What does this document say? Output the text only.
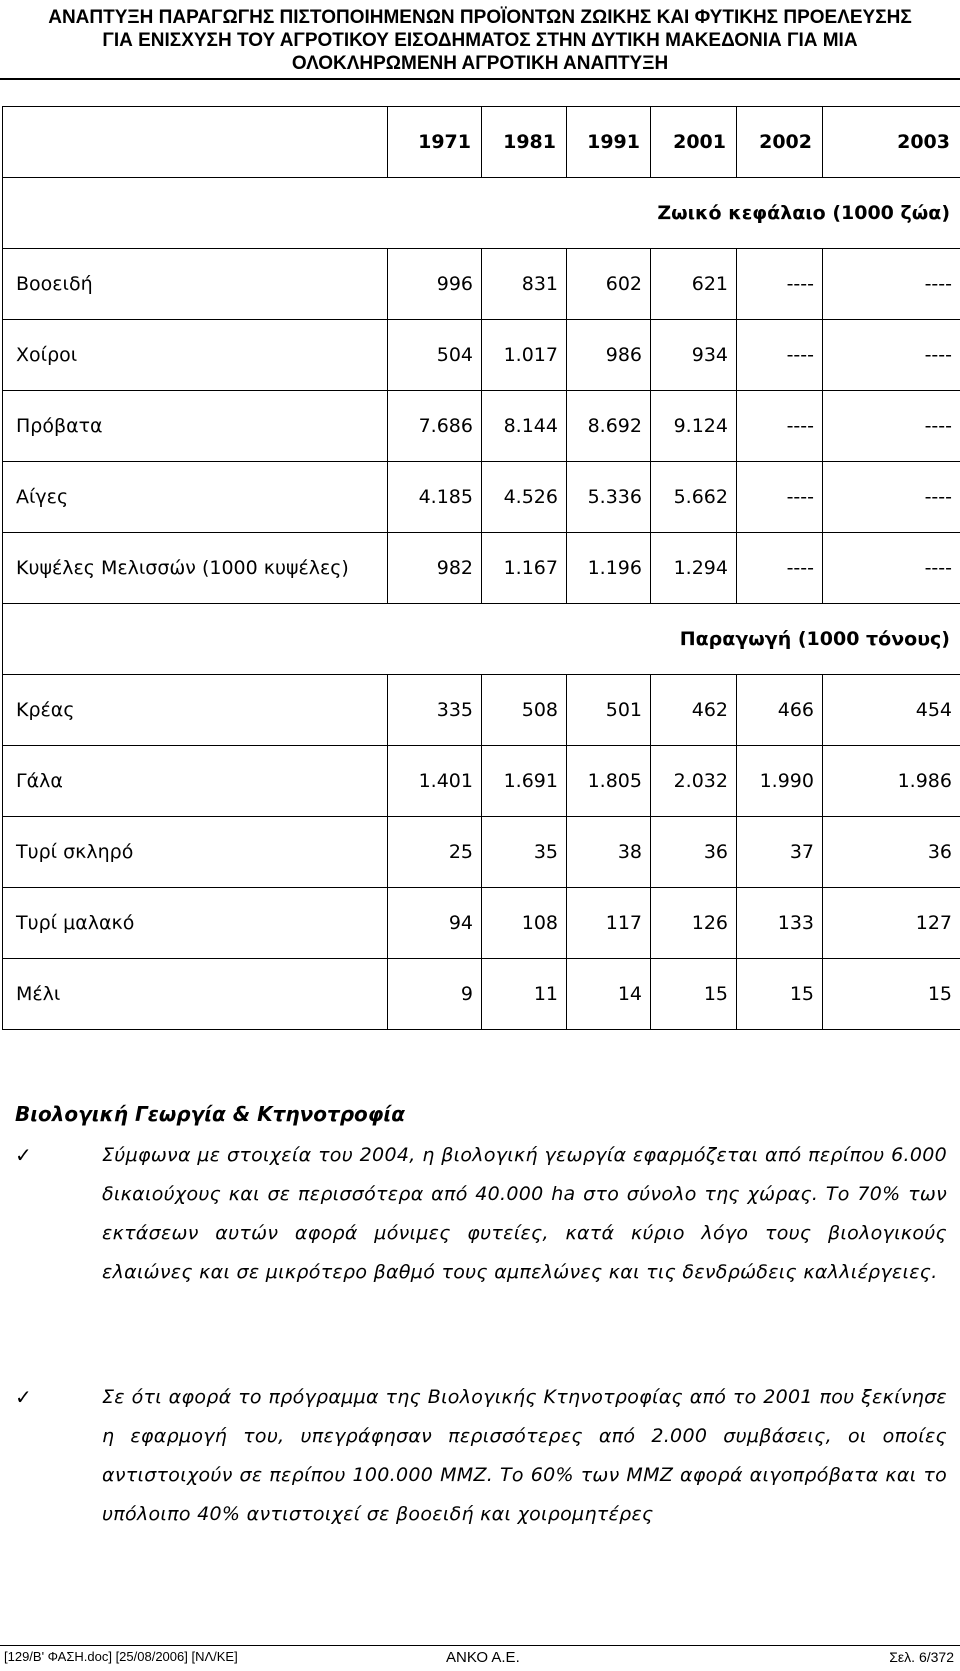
ΑΝΑΠΤΥΞΗ ΠΑΡΑΓΩΓΗΣ ΠΙΣΤΟΠΟΙΗΜΕΝΩΝ ΠΡΟΪΟΝΤΩΝ ΖΩΙΚΗΣ ΚΑΙ ΦΥΤΙΚΗΣ ΠΡΟΕΛΕΥΣΗΣ
ΓΙΑ ΕΝΙΣΧΥΣΗ ΤΟΥ ΑΓΡΟΤΙΚΟΥ ΕΙΣΟΔΗΜΑΤΟΣ ΣΤΗΝ ΔΥΤΙΚΗ ΜΑΚΕΔΟΝΙΑ ΓΙΑ ΜΙΑ
ΟΛΟΚΛΗΡΩΜΕΝΗ ΑΓΡΟΤΙΚΗ ΑΝΑΠΤΥΞΗ
	1971	1981	1991	2001	2002	2003
Ζωικό κεφάλαιο (1000 ζώα)						
Βοοειδή	996	831	602	621	----	----
Χοίροι	504	1.017	986	934	----	----
Πρόβατα	7.686	8.144	8.692	9.124	----	----
Αίγες	4.185	4.526	5.336	5.662	----	----
Κυψέλες Μελισσών (1000 κυψέλες)	982	1.167	1.196	1.294	----	----
Παραγωγή (1000 τόνους)						
Κρέας	335	508	501	462	466	454
Γάλα	1.401	1.691	1.805	2.032	1.990	1.986
Τυρί σκληρό	25	35	38	36	37	36
Τυρί μαλακό	94	108	117	126	133	127
Μέλι	9	11	14	15	15	15
Βιολογική Γεωργία & Κτηνοτροφία
✓	Σύμφωνα με στοιχεία του 2004, η βιολογική γεωργία εφαρμόζεται από περίπου 6.000 δικαιούχους και σε περισσότερα από 40.000 ha στο σύνολο της χώρας. Το 70% των εκτάσεων αυτών αφορά μόνιμες φυτείες, κατά κύριο λόγο τους βιολογικούς ελαιώνες και σε μικρότερο βαθμό τους αμπελώνες και τις δενδρώδεις καλλιέργειες.
✓	Σε ότι αφορά το πρόγραμμα της Βιολογικής Κτηνοτροφίας από το 2001 που ξεκίνησε η εφαρμογή του, υπεγράφησαν περισσότερες από 2.000 συμβάσεις, οι οποίες αντιστοιχούν σε περίπου 100.000 ΜΜΖ. Το 60% των ΜΜΖ αφορά αιγοπρόβατα και το υπόλοιπο 40% αντιστοιχεί σε βοοειδή και χοιρομητέρες
[129/Β' ΦΑΣΗ.doc] [25/08/2006] [ΝΛ/ΚΕ]	ΑΝΚΟ Α.Ε.	Σελ. 6/372
